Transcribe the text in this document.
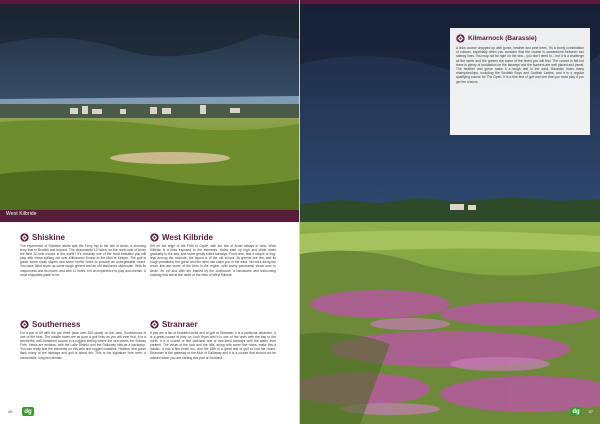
West Kilbride
Shiskine

The experience of Shiskine starts with the Ferry trip to the Isle of Arran, a stunning ferry that to Brodick and beyond. The characterful 12 holes, on the north-side of Arran the best 12-hole course in the world? It's certainly one of the most beautiful you will play with views spilling out over Kilbrannan Sound to the Mull of Kintyre. The golf is great: some small slopes and some terrific holes to provide an unforgettable round. You have blind shots up some tough greens and an old-fashioned clubhouse. With its uniqueness and its charm, and with 12 holes, it is an experience to play and cherish. A most enjoyable place to be.

West Kilbride

Set on the edge of the Firth of Clyde, with the Isle of Arran always in view, West Kilbride is a links exposed to the elements. Holes start up high and climb down gradually to the sea, and some gently rolled fairways. Front nine, and a couple of dog-legs among the mounds, the layout is of the old school. Its greens are firm and its rough penalises; the gorse and the whin can catch you in the wind. Its holes along the shore line are some of the best in the region, with lovely panoramic views over to Arran. Its 1st and 18th are framed by the clubhouse, a handsome and welcoming building that sits at the heart of the links of West Kilbride.

Southerness

For a par of 69 with the par three (less over 200 yards) on the card, Southerness is one of the best. The middle holes are as pure a golf links as you will ever find. It is a wonderful, well-bunkered course in a rugged setting where the sea meets the Solway Firth. Views are endless, with the Lake District and the Galloway hills as a backdrop. You can really feel the elements on this wild and rugged coastline. Heather and gorse flank many of the fairways and golf is about fun. This is the signature hole here, a memorable, long two-shotter.

Stranraer

If you are a fan of beautiful lochs and of golf at Stranraer, it is a particular attraction. It is a great course to play on Loch Ryan and it is one of the ones with the bay to the north. It is a course of fine parkland and of tree-lined fairways with the water ever present. The views of the loch and the hills, along with some fine holes, make this a classic. It has a fine finish too, and the 18th is a great test of golf to end the round. Stranraer is the gateway to the Mull of Galloway and it is a course that should not be missed when you are visiting this part of Scotland.

46	dg
Kilmarnock (Barassie)

A links course wrapped up with gorse, heather and pine trees. It's a lovely combination of colours, especially when you consider that the course is sandwiched between two railway lines. You may not be right on the sea – you don't need to – but it is a challenge all the same and the greens are some of the finest you will find. The course is flat but there is plenty of undulation on the fairways and the bunkers are well placed and penal. The heather and gorse make it a tough test in the wind. Barassie hosts many championships, including the Scottish Boys and Scottish Ladies, and it is a regular qualifying course for The Open. It is a fine test of golf and one that you must play if you get the chance.

dg	47
